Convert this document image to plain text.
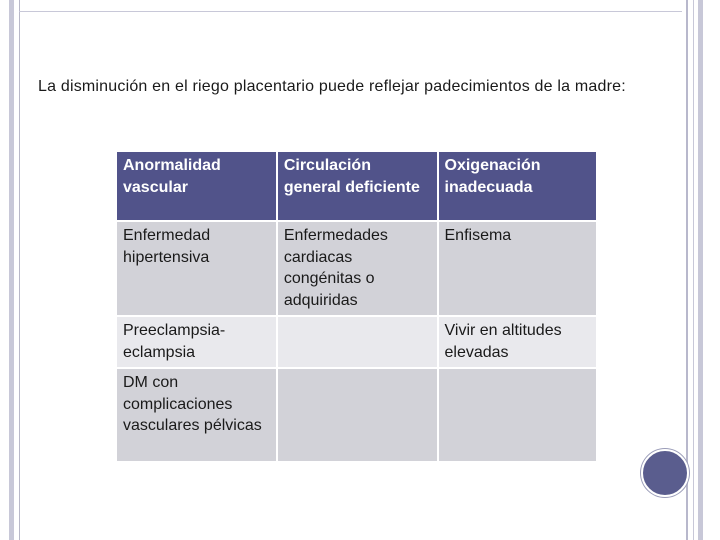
La disminución en el riego placentario puede reflejar padecimientos de la madre:

Anormalidad vascular	Circulación general deficiente	Oxigenación inadecuada
Enfermedad hipertensiva	Enfermedades cardiacas congénitas o adquiridas	Enfisema
Preeclampsia-eclampsia		Vivir en altitudes elevadas
DM con complicaciones vasculares pélvicas		
